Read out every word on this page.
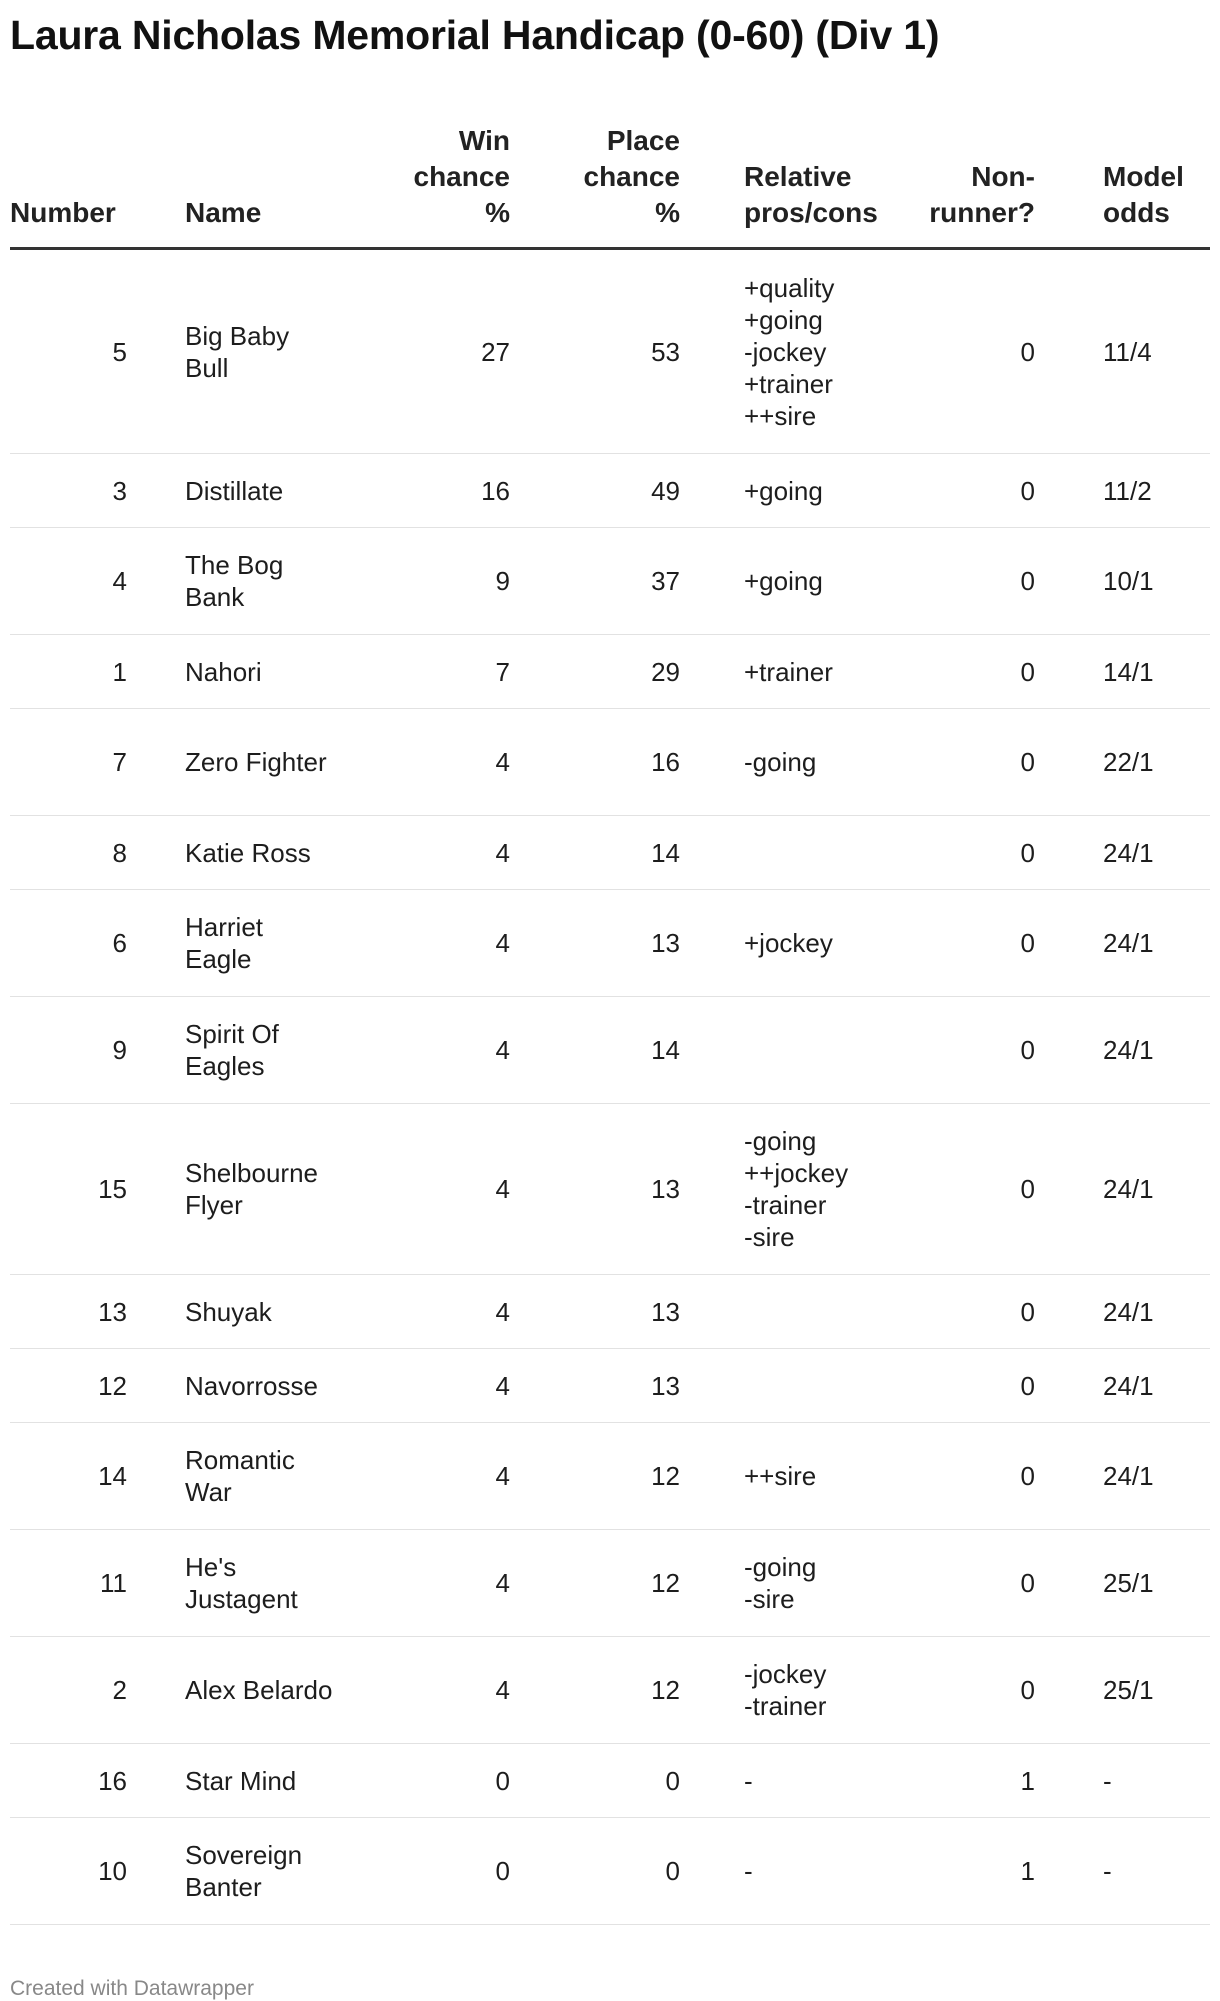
Laura Nicholas Memorial Handicap (0-60) (Div 1)
Number	Name	Win chance %	Place chance %	Relative pros/cons	Non-runner?	Model odds

5	Big Baby Bull	27	53	+quality
+going
-jockey
+trainer
++sire	0	11/4
3	Distillate	16	49	+going	0	11/2
4	The Bog Bank	9	37	+going	0	10/1
1	Nahori	7	29	+trainer	0	14/1
7	Zero Fighter	4	16	-going	0	22/1
8	Katie Ross	4	14		0	24/1
6	Harriet Eagle	4	13	+jockey	0	24/1
9	Spirit Of Eagles	4	14		0	24/1
15	Shelbourne Flyer	4	13	-going
++jockey
-trainer
-sire	0	24/1
13	Shuyak	4	13		0	24/1
12	Navorrosse	4	13		0	24/1
14	Romantic War	4	12	++sire	0	24/1
11	He's Justagent	4	12	-going
-sire	0	25/1
2	Alex Belardo	4	12	-jockey
-trainer	0	25/1
16	Star Mind	0	0	-	1	-
10	Sovereign Banter	0	0	-	1	-
Created with Datawrapper
